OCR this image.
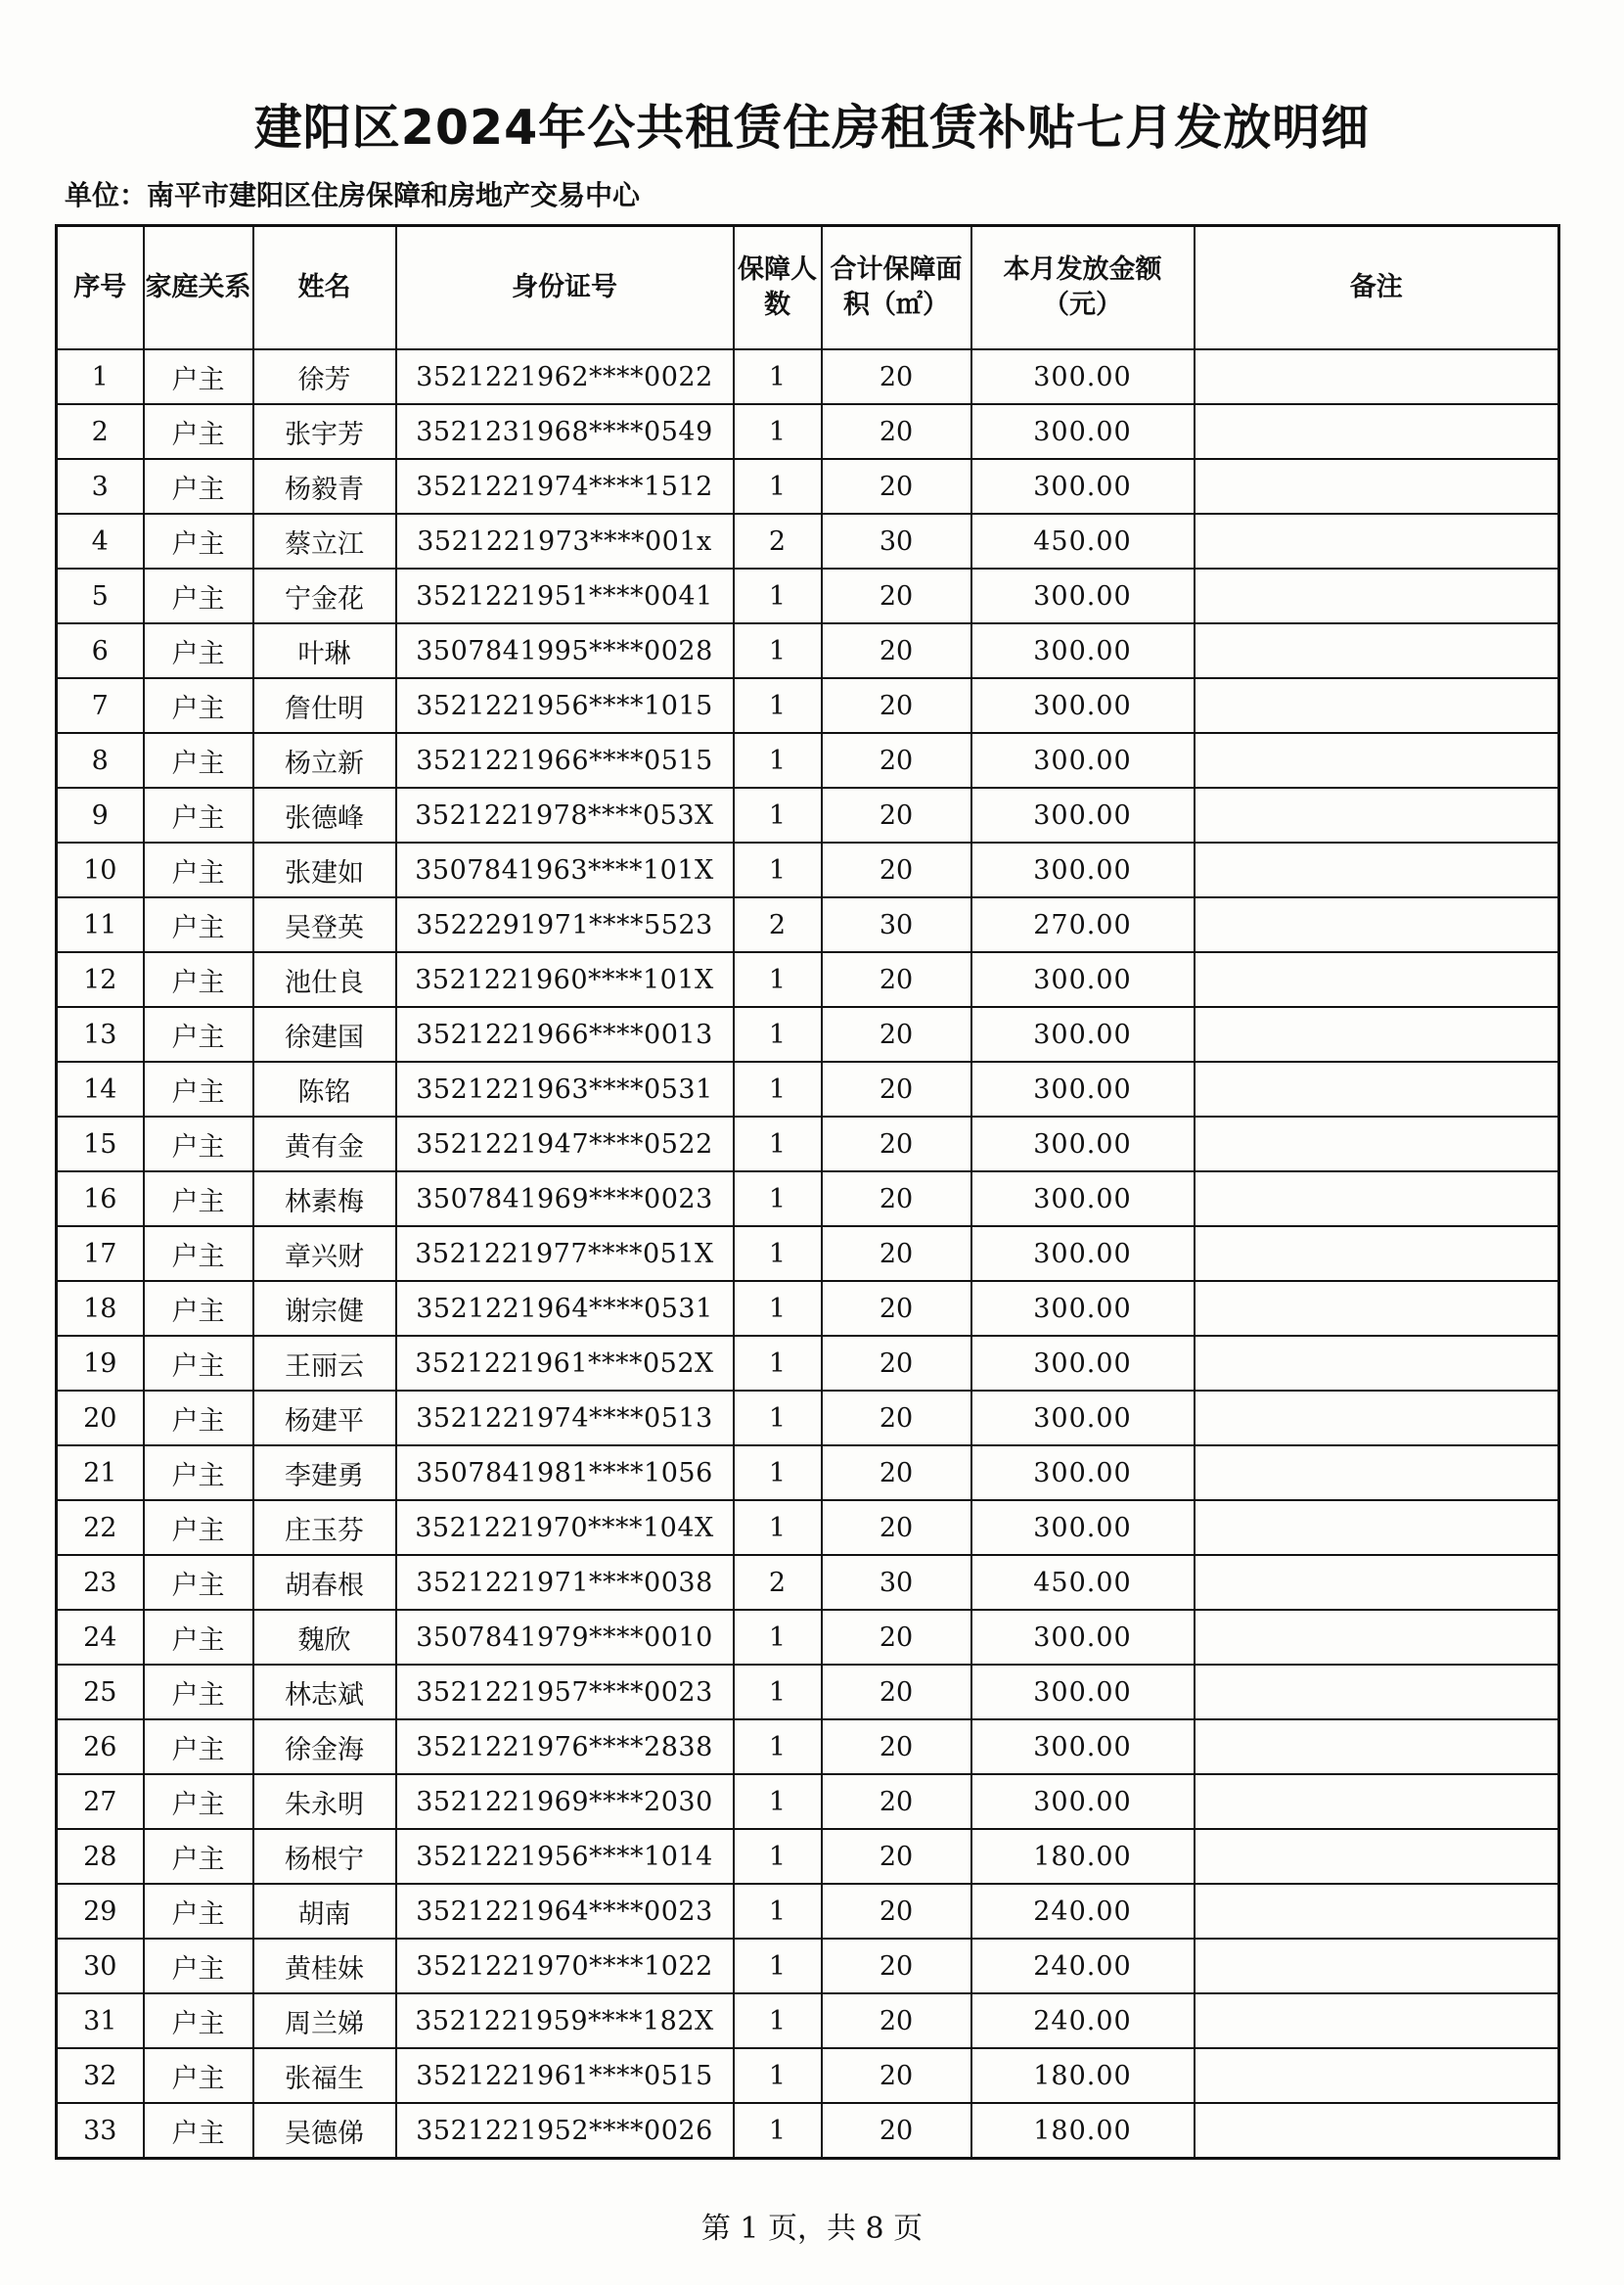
建阳区2024年公共租赁住房租赁补贴七月发放明细
单位：南平市建阳区住房保障和房地产交易中心
序号	家庭关系	姓名	身份证号	保障人数	合计保障面积（㎡）	本月发放金额（元）	备注
1	户主	徐芳	3521221962****0022	1	20	300.00	
2	户主	张宇芳	3521231968****0549	1	20	300.00	
3	户主	杨毅青	3521221974****1512	1	20	300.00	
4	户主	蔡立江	3521221973****001x	2	30	450.00	
5	户主	宁金花	3521221951****0041	1	20	300.00	
6	户主	叶琳	3507841995****0028	1	20	300.00	
7	户主	詹仕明	3521221956****1015	1	20	300.00	
8	户主	杨立新	3521221966****0515	1	20	300.00	
9	户主	张德峰	3521221978****053X	1	20	300.00	
10	户主	张建如	3507841963****101X	1	20	300.00	
11	户主	吴登英	3522291971****5523	2	30	270.00	
12	户主	池仕良	3521221960****101X	1	20	300.00	
13	户主	徐建国	3521221966****0013	1	20	300.00	
14	户主	陈铭	3521221963****0531	1	20	300.00	
15	户主	黄有金	3521221947****0522	1	20	300.00	
16	户主	林素梅	3507841969****0023	1	20	300.00	
17	户主	章兴财	3521221977****051X	1	20	300.00	
18	户主	谢宗健	3521221964****0531	1	20	300.00	
19	户主	王丽云	3521221961****052X	1	20	300.00	
20	户主	杨建平	3521221974****0513	1	20	300.00	
21	户主	李建勇	3507841981****1056	1	20	300.00	
22	户主	庄玉芬	3521221970****104X	1	20	300.00	
23	户主	胡春根	3521221971****0038	2	30	450.00	
24	户主	魏欣	3507841979****0010	1	20	300.00	
25	户主	林志斌	3521221957****0023	1	20	300.00	
26	户主	徐金海	3521221976****2838	1	20	300.00	
27	户主	朱永明	3521221969****2030	1	20	300.00	
28	户主	杨根宁	3521221956****1014	1	20	180.00	
29	户主	胡南	3521221964****0023	1	20	240.00	
30	户主	黄桂妹	3521221970****1022	1	20	240.00	
31	户主	周兰娣	3521221959****182X	1	20	240.00	
32	户主	张福生	3521221961****0515	1	20	180.00	
33	户主	吴德俤	3521221952****0026	1	20	180.00	
第 1 页，共 8 页
